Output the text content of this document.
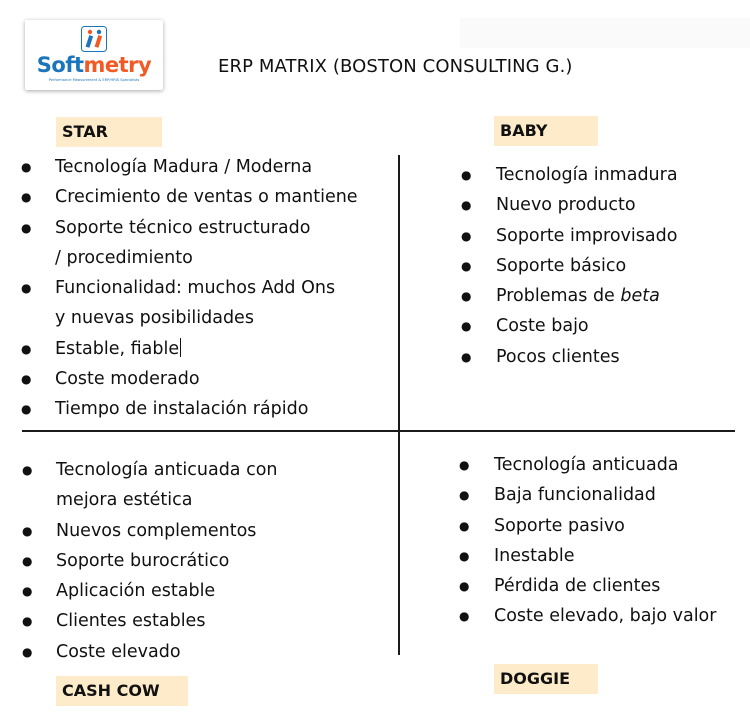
Softmetry
Performance Measurement & ERP/HRIS Specialists
ERP MATRIX (BOSTON CONSULTING G.)
STAR	BABY
CASH COW
DOGGIE
● Tecnología Madura / Moderna
● Crecimiento de ventas o mantiene
● Soporte técnico estructurado
/ procedimiento
● Funcionalidad: muchos Add Ons
y nuevas posibilidades
● Estable, fiable
● Coste moderado
● Tiempo de instalación rápido
● Tecnología inmadura
● Nuevo producto
● Soporte improvisado
● Soporte básico
● Problemas de beta
● Coste bajo
● Pocos clientes
● Tecnología anticuada con
mejora estética
● Nuevos complementos
● Soporte burocrático
● Aplicación estable
● Clientes estables
● Coste elevado
● Tecnología anticuada
● Baja funcionalidad
● Soporte pasivo
● Inestable
● Pérdida de clientes
● Coste elevado, bajo valor
